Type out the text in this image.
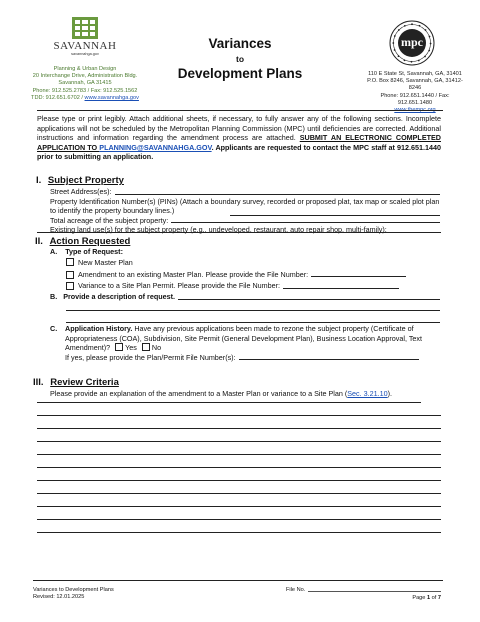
SAVANNAH
savannahga.gov
Planning & Urban Design
20 Interchange Drive, Administration Bldg.
Savannah, GA 31415
Phone: 912.525.2783 / Fax: 912.525.1562
TDD: 912.651.6702 / www.savannahga.gov
Variances
to
Development Plans
mpc
110 E State St, Savannah, GA, 31401
P.O. Box 8246, Savannah, GA, 31412-8246
Phone: 912.651.1440 / Fax: 912.651.1480
www.thempc.org
Please type or print legibly. Attach additional sheets, if necessary, to fully answer any of the following sections. Incomplete applications will not be scheduled by the Metropolitan Planning Commission (MPC) until deficiencies are corrected. Additional instructions and information regarding the amendment process are attached. SUBMIT AN ELECTRONIC COMPLETED APPLICATION TO PLANNING@SAVANNAHGA.GOV. Applicants are requested to contact the MPC staff at 912.651.1440 prior to submitting an application.
I. Subject Property
Street Address(es):
Property Identification Number(s) (PINs) (Attach a boundary survey, recorded or proposed plat, tax map or scaled plot plan to identify the property boundary lines.)
Total acreage of the subject property:
Existing land use(s) for the subject property (e.g., undeveloped, restaurant, auto repair shop, multi-family):
II. Action Requested
A. Type of Request:
New Master Plan
Amendment to an existing Master Plan. Please provide the File Number:
Variance to a Site Plan Permit. Please provide the File Number:
B. Provide a description of request.
C.	Application History. Have any previous applications been made to rezone the subject property (Certificate of Appropriateness (COA), Subdivision, Site Permit (General Development Plan), Business Location Approval, Text Amendment)? Yes No
If yes, please provide the Plan/Permit File Number(s):
III. Review Criteria
Please provide an explanation of the amendment to a Master Plan or variance to a Site Plan (Sec. 3.21.10).
Variances to Development Plans
Revised: 12.01.2025
File No.
Page 1 of 7
